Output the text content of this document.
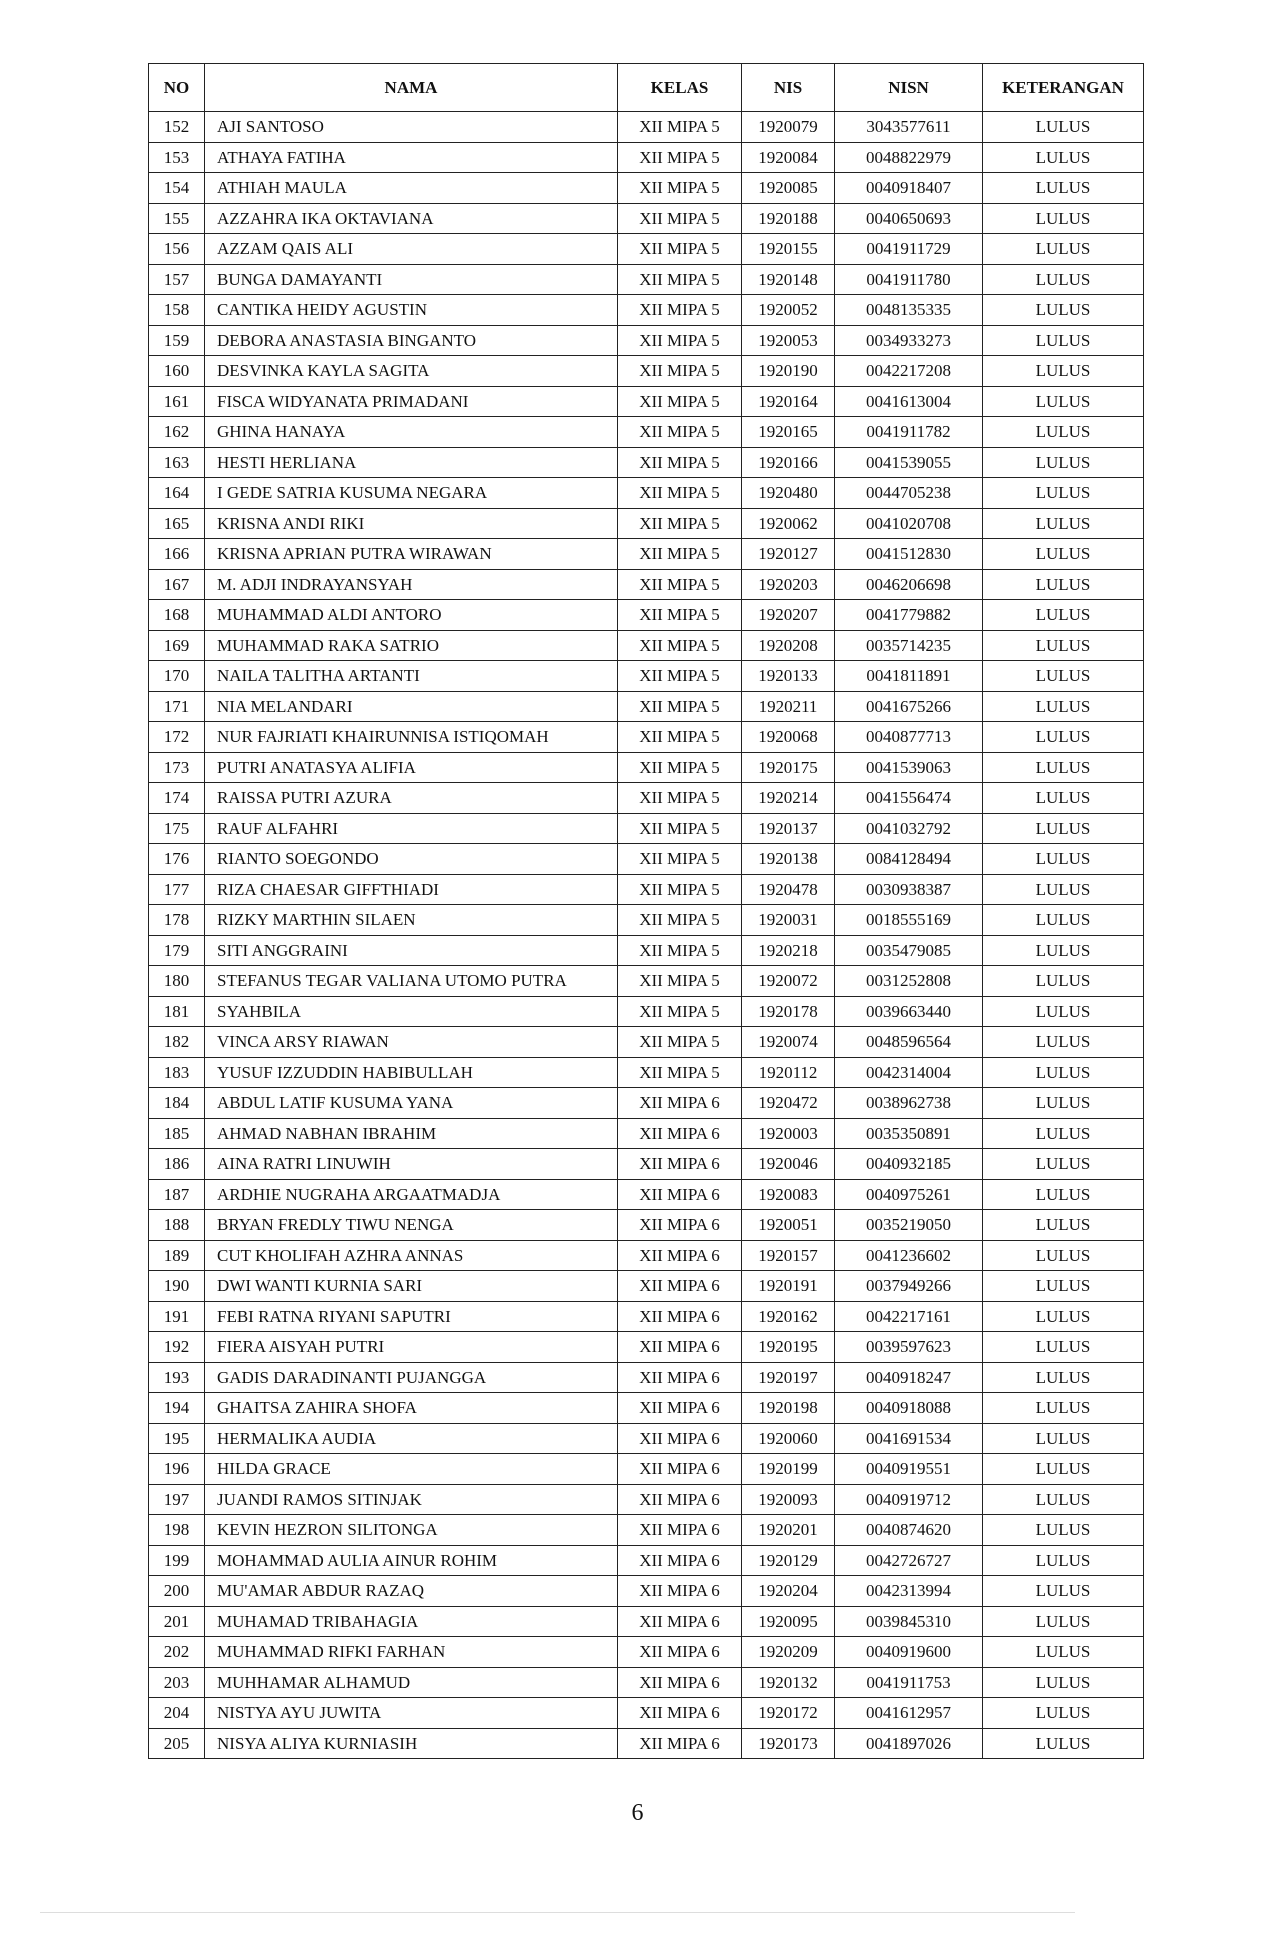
NO	NAMA	KELAS	NIS	NISN	KETERANGAN
152	AJI SANTOSO	XII MIPA 5	1920079	3043577611	LULUS
153	ATHAYA FATIHA	XII MIPA 5	1920084	0048822979	LULUS
154	ATHIAH MAULA	XII MIPA 5	1920085	0040918407	LULUS
155	AZZAHRA IKA OKTAVIANA	XII MIPA 5	1920188	0040650693	LULUS
156	AZZAM QAIS ALI	XII MIPA 5	1920155	0041911729	LULUS
157	BUNGA DAMAYANTI	XII MIPA 5	1920148	0041911780	LULUS
158	CANTIKA HEIDY AGUSTIN	XII MIPA 5	1920052	0048135335	LULUS
159	DEBORA ANASTASIA BINGANTO	XII MIPA 5	1920053	0034933273	LULUS
160	DESVINKA KAYLA SAGITA	XII MIPA 5	1920190	0042217208	LULUS
161	FISCA WIDYANATA PRIMADANI	XII MIPA 5	1920164	0041613004	LULUS
162	GHINA HANAYA	XII MIPA 5	1920165	0041911782	LULUS
163	HESTI HERLIANA	XII MIPA 5	1920166	0041539055	LULUS
164	I GEDE SATRIA KUSUMA NEGARA	XII MIPA 5	1920480	0044705238	LULUS
165	KRISNA ANDI RIKI	XII MIPA 5	1920062	0041020708	LULUS
166	KRISNA APRIAN PUTRA WIRAWAN	XII MIPA 5	1920127	0041512830	LULUS
167	M. ADJI INDRAYANSYAH	XII MIPA 5	1920203	0046206698	LULUS
168	MUHAMMAD ALDI ANTORO	XII MIPA 5	1920207	0041779882	LULUS
169	MUHAMMAD RAKA SATRIO	XII MIPA 5	1920208	0035714235	LULUS
170	NAILA TALITHA ARTANTI	XII MIPA 5	1920133	0041811891	LULUS
171	NIA MELANDARI	XII MIPA 5	1920211	0041675266	LULUS
172	NUR FAJRIATI KHAIRUNNISA ISTIQOMAH	XII MIPA 5	1920068	0040877713	LULUS
173	PUTRI ANATASYA ALIFIA	XII MIPA 5	1920175	0041539063	LULUS
174	RAISSA PUTRI AZURA	XII MIPA 5	1920214	0041556474	LULUS
175	RAUF ALFAHRI	XII MIPA 5	1920137	0041032792	LULUS
176	RIANTO SOEGONDO	XII MIPA 5	1920138	0084128494	LULUS
177	RIZA CHAESAR GIFFTHIADI	XII MIPA 5	1920478	0030938387	LULUS
178	RIZKY MARTHIN SILAEN	XII MIPA 5	1920031	0018555169	LULUS
179	SITI ANGGRAINI	XII MIPA 5	1920218	0035479085	LULUS
180	STEFANUS TEGAR VALIANA UTOMO PUTRA	XII MIPA 5	1920072	0031252808	LULUS
181	SYAHBILA	XII MIPA 5	1920178	0039663440	LULUS
182	VINCA ARSY RIAWAN	XII MIPA 5	1920074	0048596564	LULUS
183	YUSUF IZZUDDIN HABIBULLAH	XII MIPA 5	1920112	0042314004	LULUS
184	ABDUL LATIF KUSUMA YANA	XII MIPA 6	1920472	0038962738	LULUS
185	AHMAD NABHAN IBRAHIM	XII MIPA 6	1920003	0035350891	LULUS
186	AINA RATRI LINUWIH	XII MIPA 6	1920046	0040932185	LULUS
187	ARDHIE NUGRAHA ARGAATMADJA	XII MIPA 6	1920083	0040975261	LULUS
188	BRYAN FREDLY TIWU NENGA	XII MIPA 6	1920051	0035219050	LULUS
189	CUT KHOLIFAH AZHRA ANNAS	XII MIPA 6	1920157	0041236602	LULUS
190	DWI WANTI KURNIA SARI	XII MIPA 6	1920191	0037949266	LULUS
191	FEBI RATNA RIYANI SAPUTRI	XII MIPA 6	1920162	0042217161	LULUS
192	FIERA AISYAH PUTRI	XII MIPA 6	1920195	0039597623	LULUS
193	GADIS DARADINANTI PUJANGGA	XII MIPA 6	1920197	0040918247	LULUS
194	GHAITSA ZAHIRA SHOFA	XII MIPA 6	1920198	0040918088	LULUS
195	HERMALIKA AUDIA	XII MIPA 6	1920060	0041691534	LULUS
196	HILDA GRACE	XII MIPA 6	1920199	0040919551	LULUS
197	JUANDI RAMOS SITINJAK	XII MIPA 6	1920093	0040919712	LULUS
198	KEVIN HEZRON SILITONGA	XII MIPA 6	1920201	0040874620	LULUS
199	MOHAMMAD AULIA AINUR ROHIM	XII MIPA 6	1920129	0042726727	LULUS
200	MU'AMAR ABDUR RAZAQ	XII MIPA 6	1920204	0042313994	LULUS
201	MUHAMAD TRIBAHAGIA	XII MIPA 6	1920095	0039845310	LULUS
202	MUHAMMAD RIFKI FARHAN	XII MIPA 6	1920209	0040919600	LULUS
203	MUHHAMAR ALHAMUD	XII MIPA 6	1920132	0041911753	LULUS
204	NISTYA AYU JUWITA	XII MIPA 6	1920172	0041612957	LULUS
205	NISYA ALIYA KURNIASIH	XII MIPA 6	1920173	0041897026	LULUS
6
